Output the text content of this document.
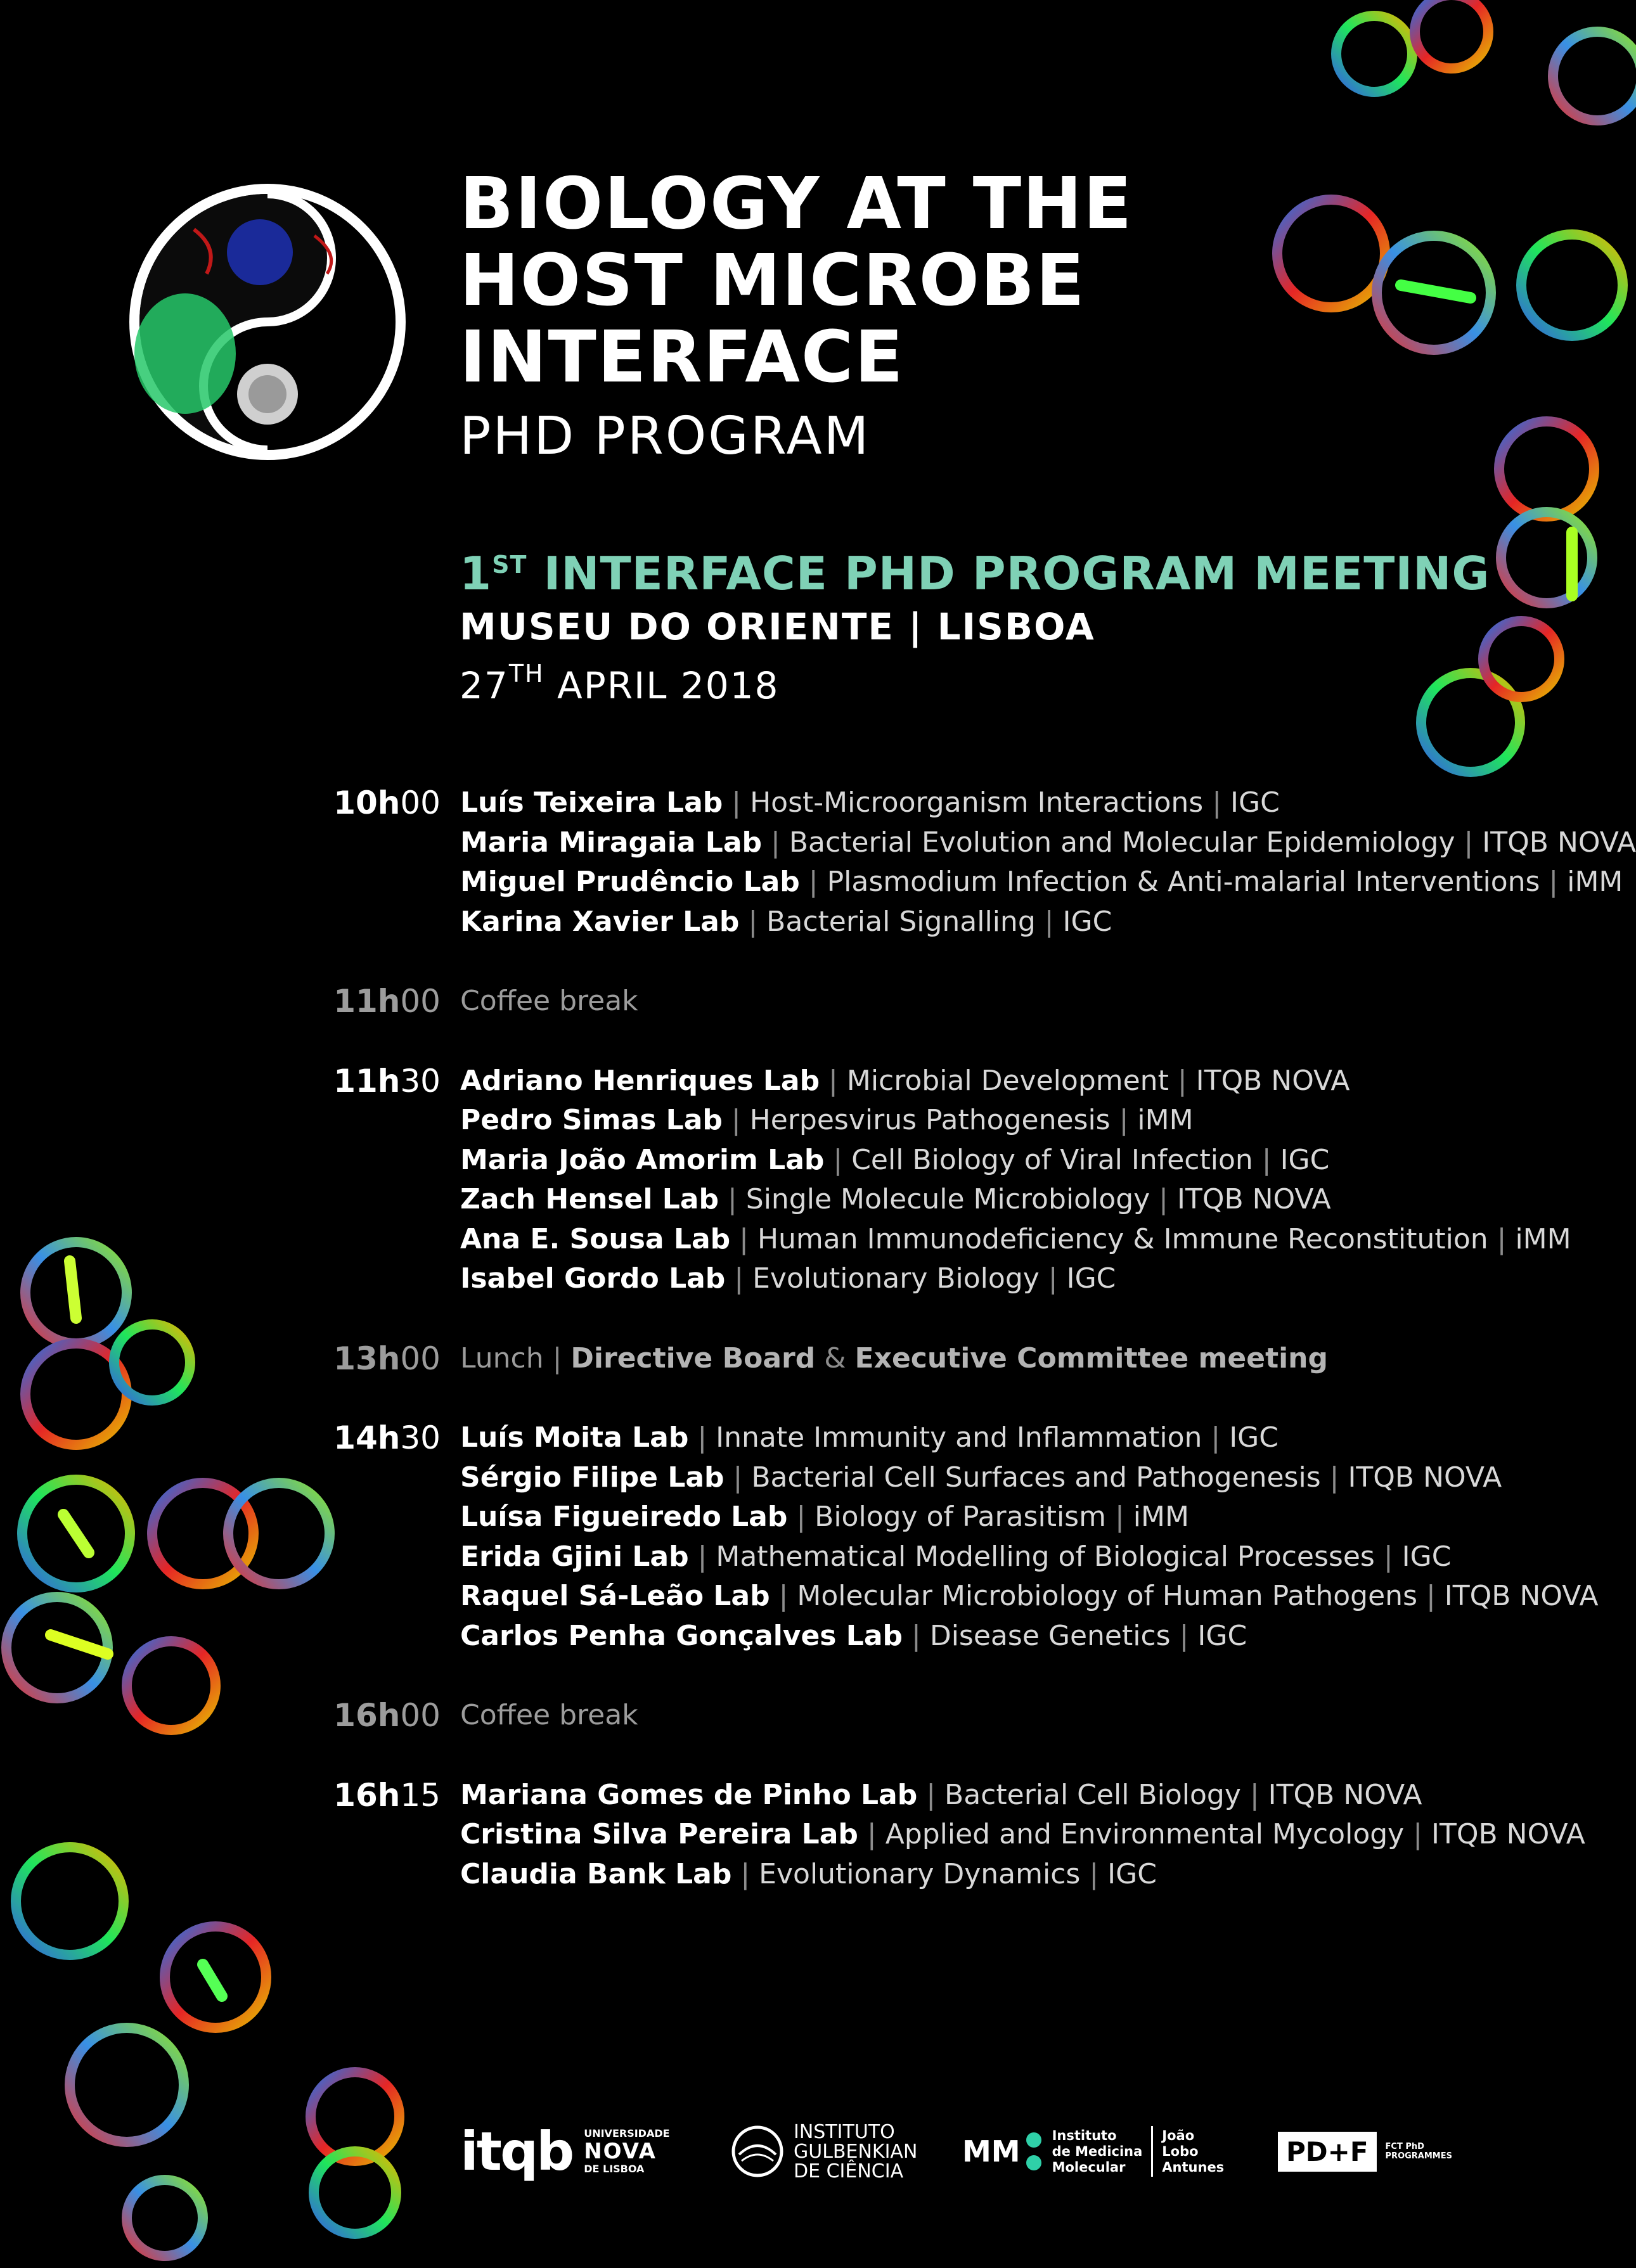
BIOLOGY AT THE
HOST MICROBE
INTERFACE
PHD PROGRAM
1ST INTERFACE PHD PROGRAM MEETING
MUSEU DO ORIENTE | LISBOA
27TH APRIL 2018
10h00 Luís Teixeira Lab | Host-Microorganism Interactions | IGC
Maria Miragaia Lab | Bacterial Evolution and Molecular Epidemiology | ITQB NOVA
Miguel Prudêncio Lab | Plasmodium Infection & Anti-malarial Interventions | iMM
Karina Xavier Lab | Bacterial Signalling | IGC
11h00 Coffee break
11h30 Adriano Henriques Lab | Microbial Development | ITQB NOVA
Pedro Simas Lab | Herpesvirus Pathogenesis | iMM
Maria João Amorim Lab | Cell Biology of Viral Infection | IGC
Zach Hensel Lab | Single Molecule Microbiology | ITQB NOVA
Ana E. Sousa Lab | Human Immunodeficiency & Immune Reconstitution | iMM
Isabel Gordo Lab | Evolutionary Biology | IGC
13h00 Lunch | Directive Board & Executive Committee meeting
14h30 Luís Moita Lab | Innate Immunity and Inflammation | IGC
Sérgio Filipe Lab | Bacterial Cell Surfaces and Pathogenesis | ITQB NOVA
Luísa Figueiredo Lab | Biology of Parasitism | iMM
Erida Gjini Lab | Mathematical Modelling of Biological Processes | IGC
Raquel Sá-Leão Lab | Molecular Microbiology of Human Pathogens | ITQB NOVA
Carlos Penha Gonçalves Lab | Disease Genetics | IGC
16h00 Coffee break
16h15 Mariana Gomes de Pinho Lab | Bacterial Cell Biology | ITQB NOVA
Cristina Silva Pereira Lab | Applied and Environmental Mycology | ITQB NOVA
Claudia Bank Lab | Evolutionary Dynamics | IGC
itqb UNIVERSIDADE
NOVA
DE LISBOA
INSTITUTO
GULBENKIAN
DE CIÊNCIA
MM Instituto
de Medicina
Molecular
João
Lobo
Antunes	PD+F	FCT PhD
PROGRAMMES
